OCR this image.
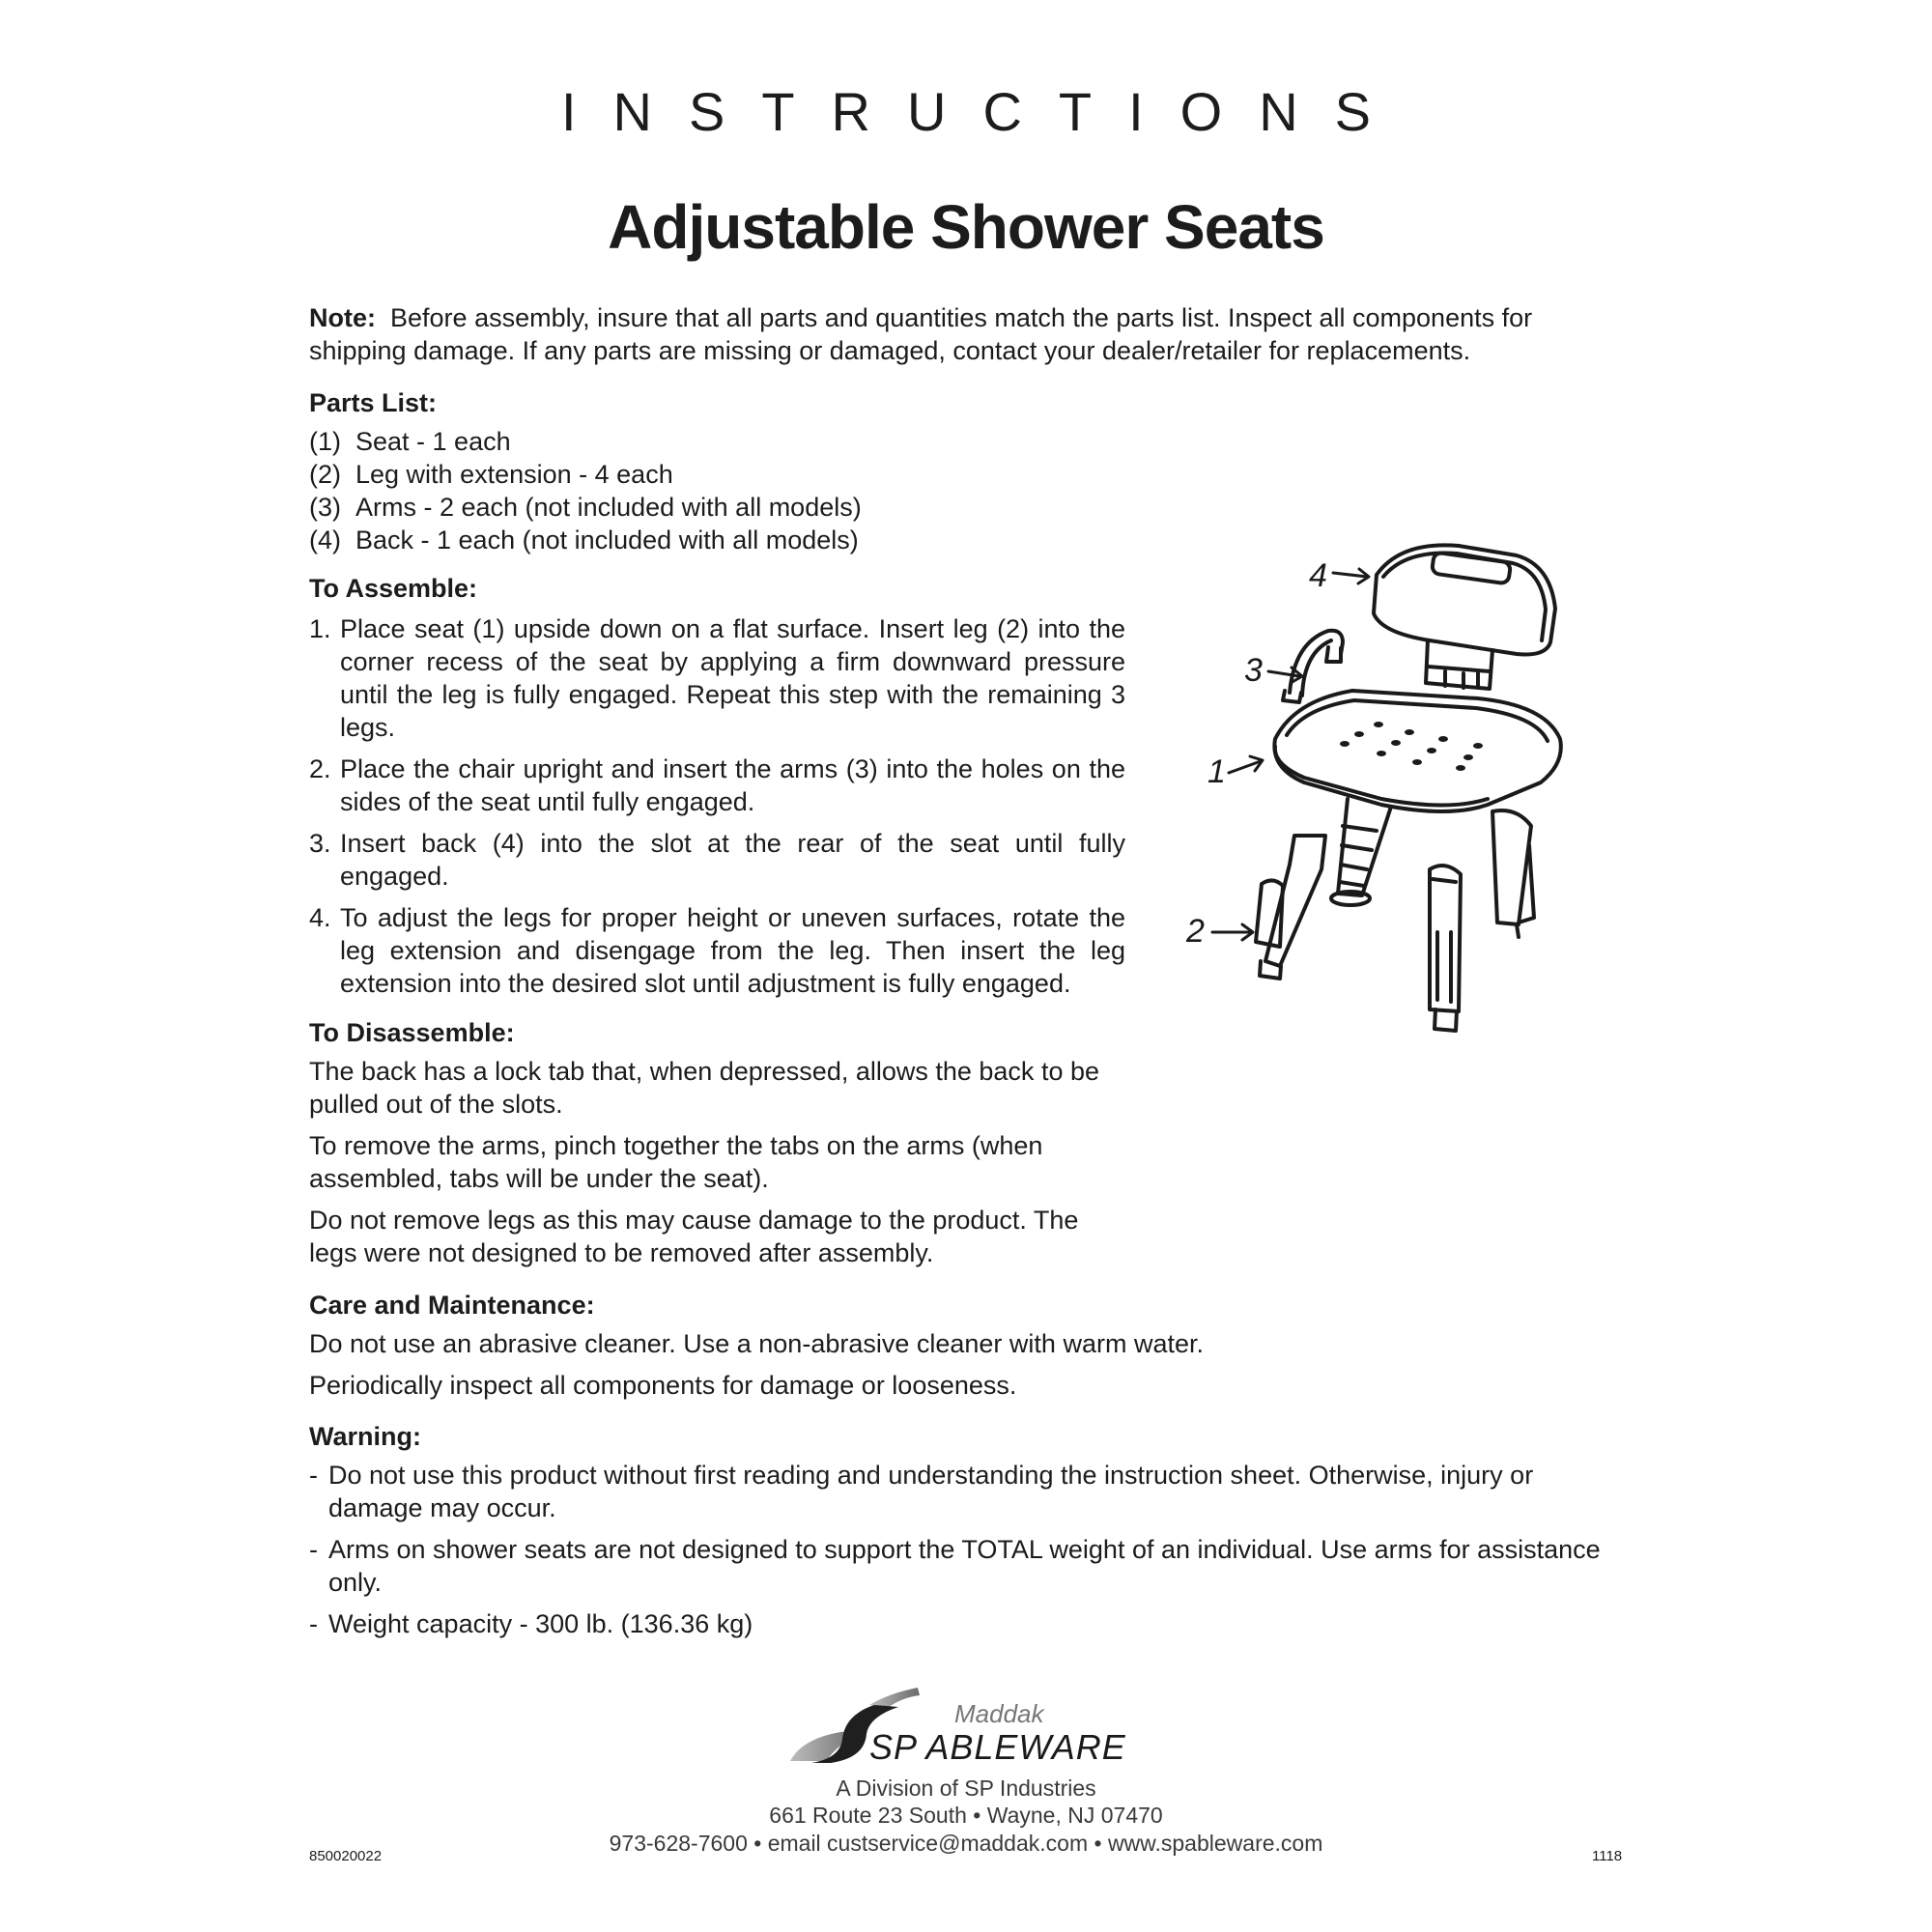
INSTRUCTIONS
Adjustable Shower Seats
Note: Before assembly, insure that all parts and quantities match the parts list. Inspect all components for shipping damage. If any parts are missing or damaged, contact your dealer/retailer for replacements.
Parts List:
(1) Seat - 1 each
(2) Leg with extension - 4 each
(3) Arms - 2 each (not included with all models)
(4) Back - 1 each (not included with all models)
To Assemble:
1. Place seat (1) upside down on a flat surface. Insert leg (2) into the corner recess of the seat by applying a firm downward pressure until the leg is fully engaged. Repeat this step with the remaining 3 legs.
2. Place the chair upright and insert the arms (3) into the holes on the sides of the seat until fully engaged.
3. Insert back (4) into the slot at the rear of the seat until fully engaged.
4. To adjust the legs for proper height or uneven surfaces, rotate the leg extension and disengage from the leg. Then insert the leg extension into the desired slot until adjustment is fully engaged.
To Disassemble:

The back has a lock tab that, when depressed, allows the back to be pulled out of the slots.

To remove the arms, pinch together the tabs on the arms (when assembled, tabs will be under the seat).

Do not remove legs as this may cause damage to the product. The legs were not designed to be removed after assembly.

Care and Maintenance:

Do not use an abrasive cleaner. Use a non-abrasive cleaner with warm water.

Periodically inspect all components for damage or looseness.

Warning:
- Do not use this product without first reading and understanding the instruction sheet. Otherwise, injury or damage may occur.
- Arms on shower seats are not designed to support the TOTAL weight of an individual. Use arms for assistance only.
- Weight capacity - 300 lb. (136.36 kg)
4
3
1
2
Maddak
SP ABLEWARE
A Division of SP Industries
661 Route 23 South • Wayne, NJ 07470
973-628-7600 • email custservice@maddak.com • www.spableware.com
850020022	1118
